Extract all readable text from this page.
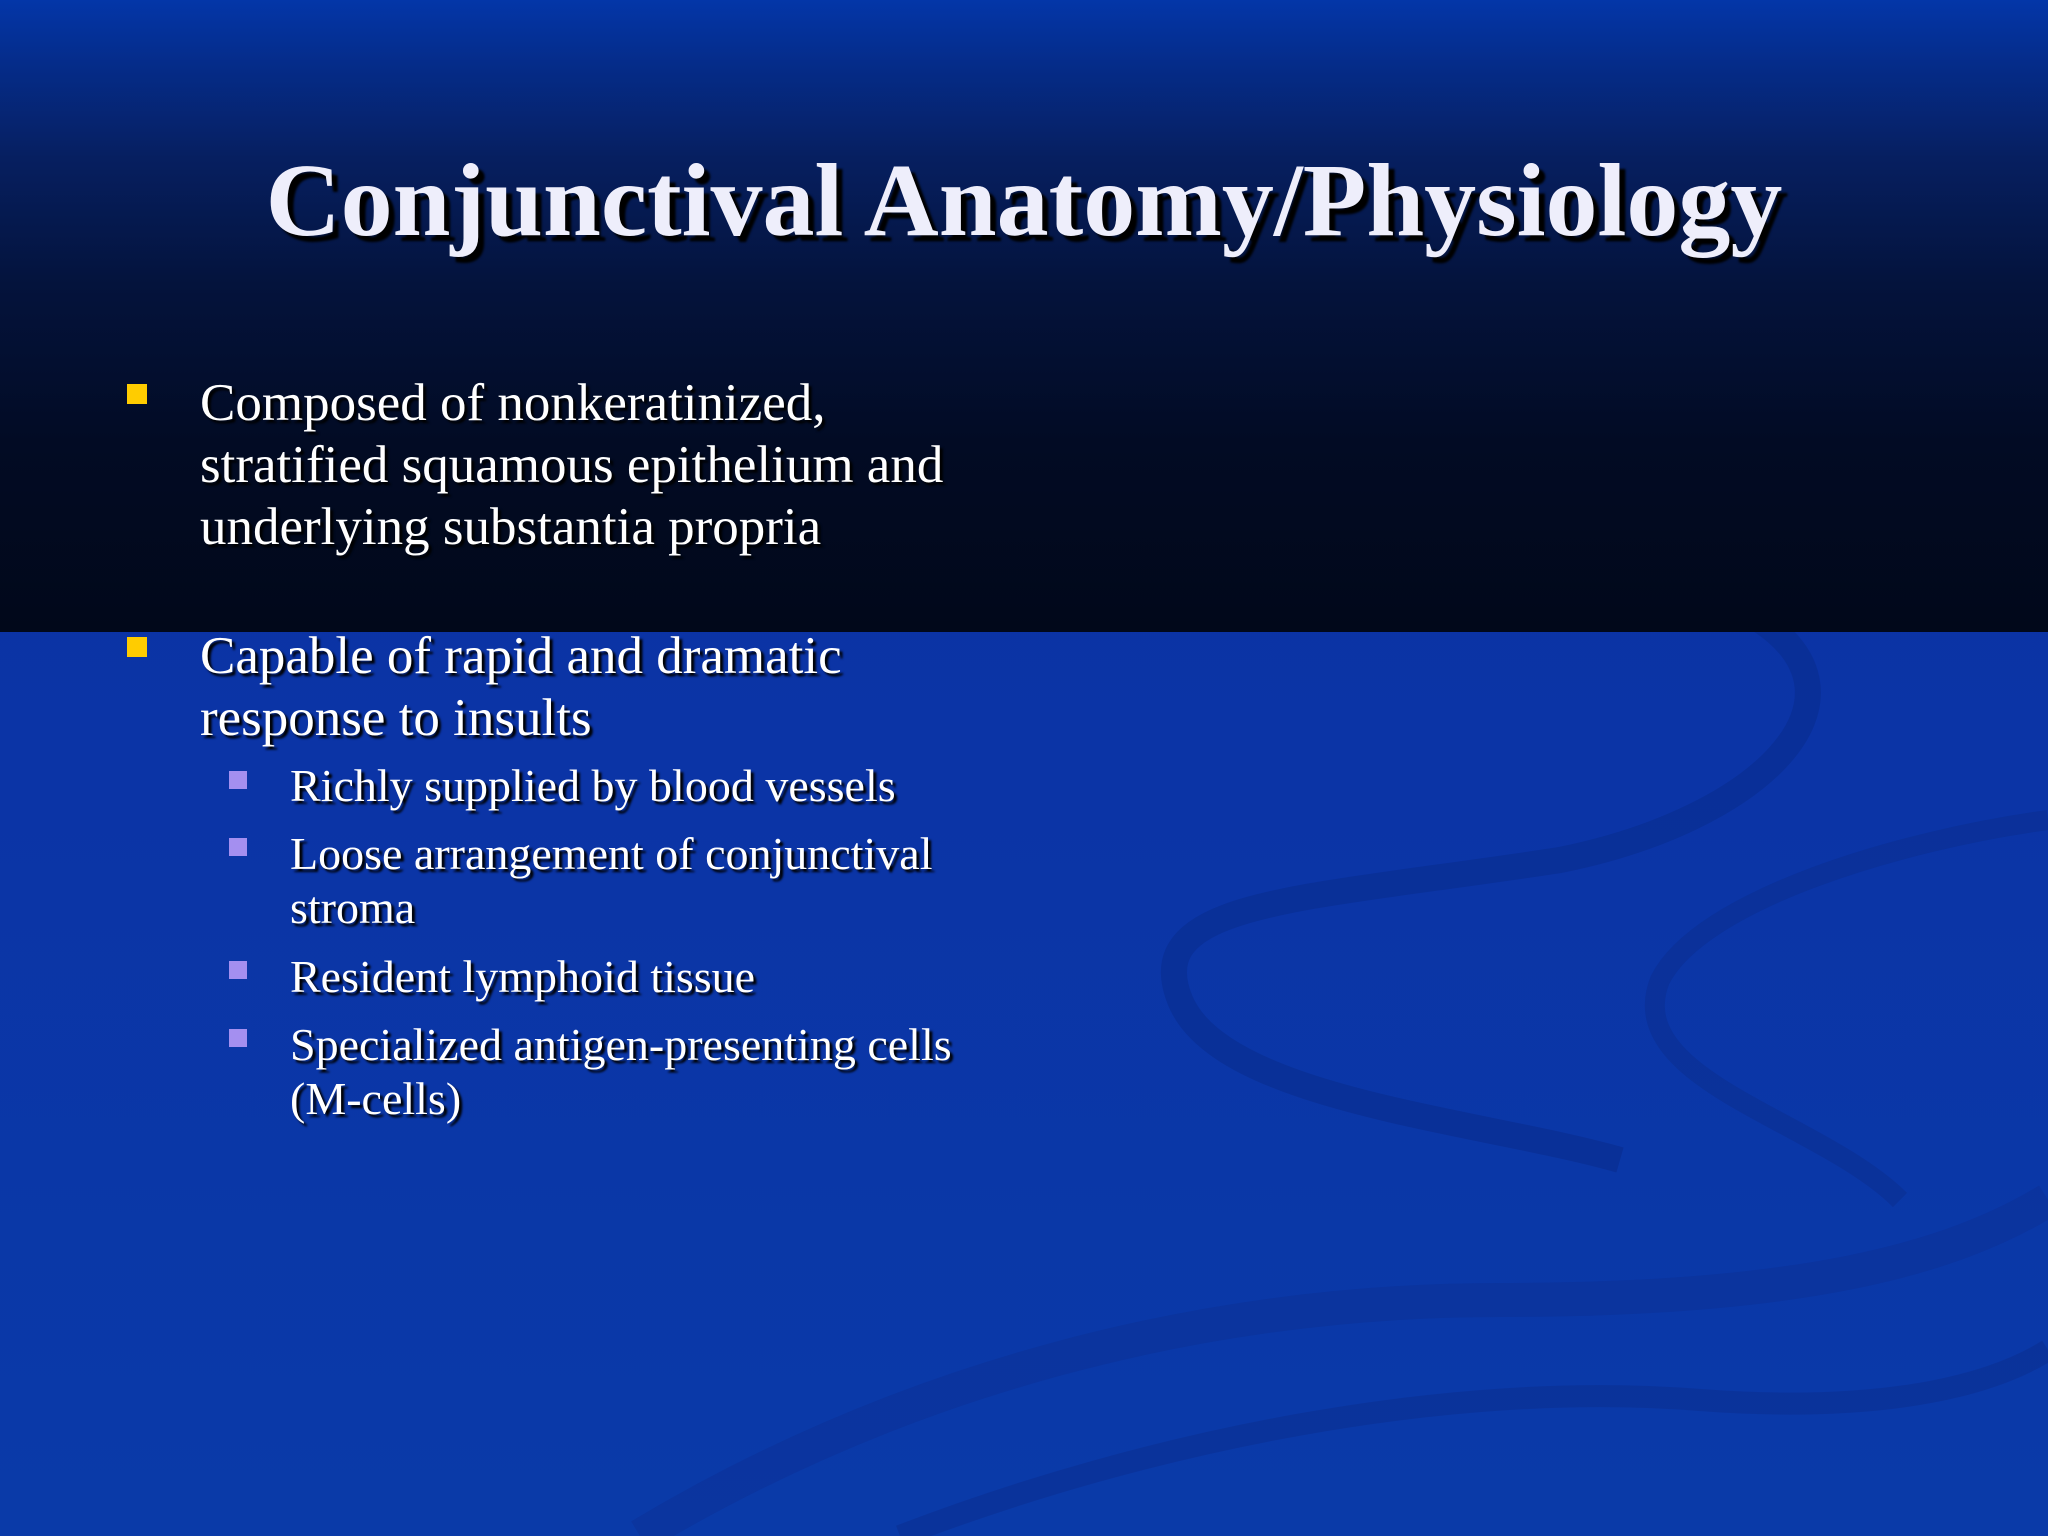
Conjunctival Anatomy/Physiology
Composed of nonkeratinized,
stratified squamous epithelium and
underlying substantia propria
Capable of rapid and dramatic
response to insults
Richly supplied by blood vessels
Loose arrangement of conjunctival
stroma
Resident lymphoid tissue
Specialized antigen-presenting cells
(M-cells)
